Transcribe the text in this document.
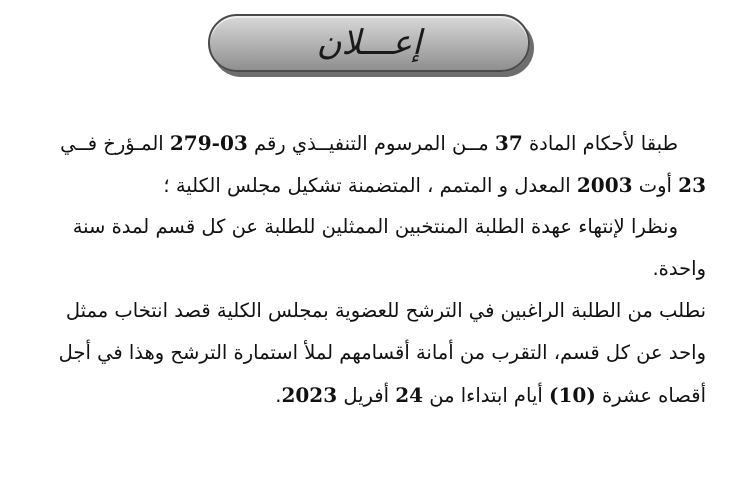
إعـــلان
طبقا لأحكام المادة 37 مــن المرسوم التنفيــذي رقم 03-279 المـؤرخ فــي
23 أوت 2003 المعدل و المتمم ، المتضمنة تشكيل مجلس الكلية ؛
ونظرا لإنتهاء عهدة الطلبة المنتخبين الممثلين للطلبة عن كل قسم لمدة سنة
واحدة.
نطلب من الطلبة الراغبين في الترشح للعضوية بمجلس الكلية قصد انتخاب ممثل
واحد عن كل قسم، التقرب من أمانة أقسامهم لملأ استمارة الترشح وهذا في أجل
أقصاه عشرة (10) أيام ابتداءا من 24 أفريل 2023.
